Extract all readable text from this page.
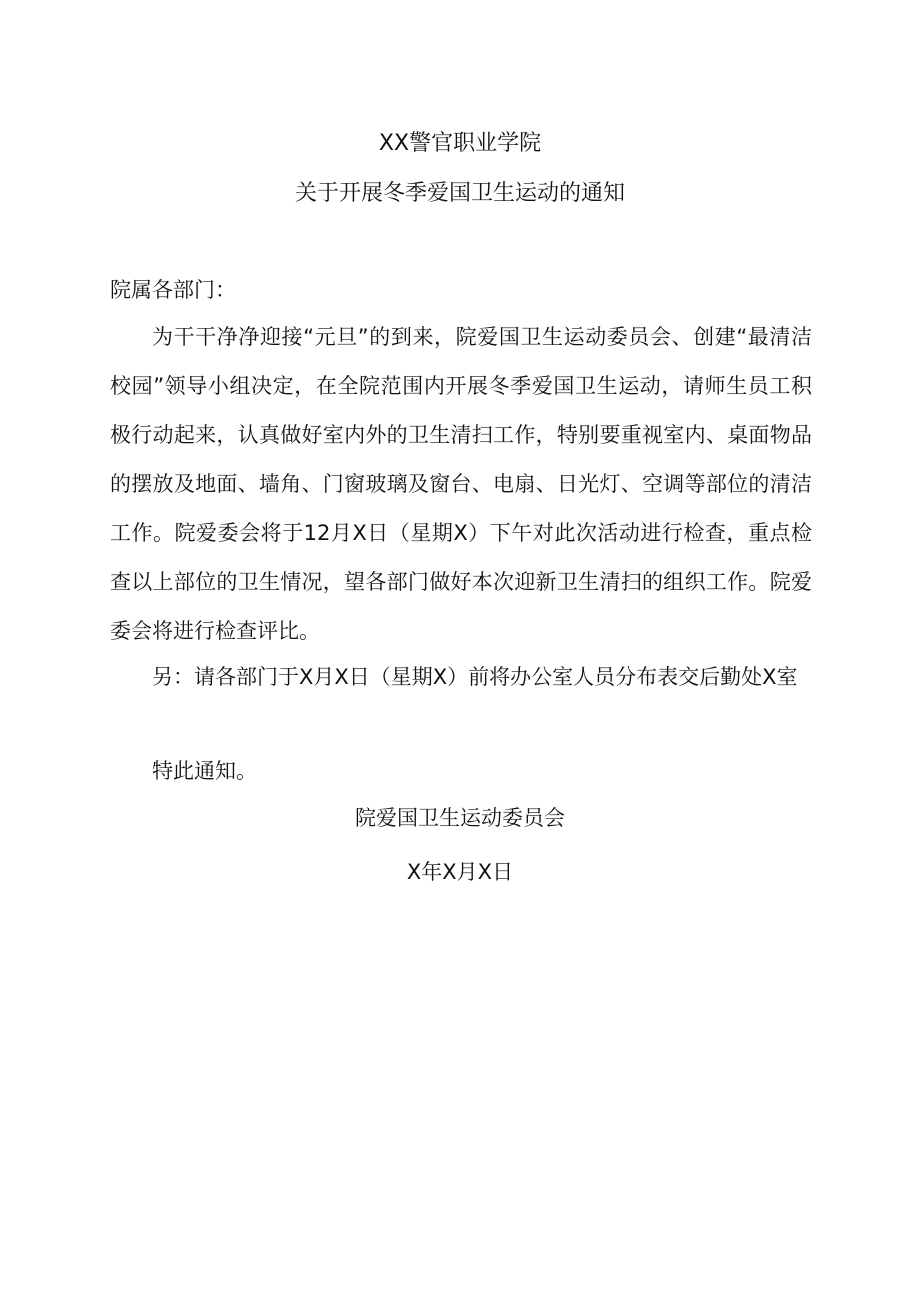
XX警官职业学院
关于开展冬季爱国卫生运动的通知
院属各部门：
为干干净净迎接“元旦”的到来，院爱国卫生运动委员会、创建“最清洁校园”领导小组决定，在全院范围内开展冬季爱国卫生运动，请师生员工积极行动起来，认真做好室内外的卫生清扫工作，特别要重视室内、桌面物品的摆放及地面、墙角、门窗玻璃及窗台、电扇、日光灯、空调等部位的清洁工作。院爱委会将于12月X日（星期X）下午对此次活动进行检查，重点检查以上部位的卫生情况，望各部门做好本次迎新卫生清扫的组织工作。院爱委会将进行检查评比。
另：请各部门于X月X日（星期X）前将办公室人员分布表交后勤处X室
特此通知。
院爱国卫生运动委员会
X年X月X日
